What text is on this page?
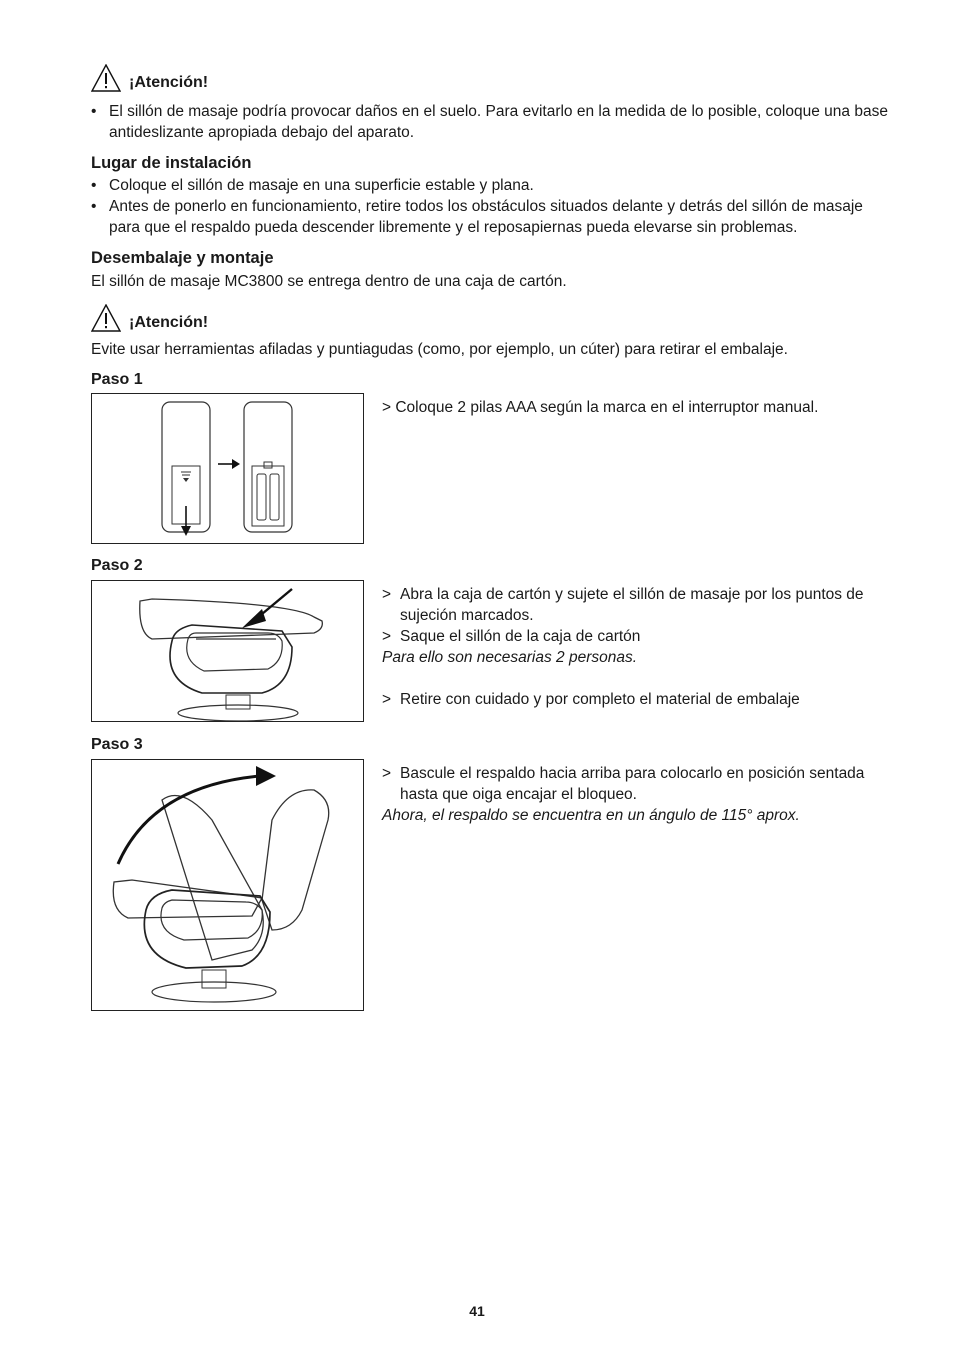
¡Atención!
• El sillón de masaje podría provocar daños en el suelo. Para evitarlo en la medida de lo posible, coloque una base antideslizante apropiada debajo del aparato.
Lugar de instalación
• Coloque el sillón de masaje en una superficie estable y plana.
• Antes de ponerlo en funcionamiento, retire todos los obstáculos situados delante y detrás del sillón de masaje para que el respaldo pueda descender libremente y el reposapiernas pueda elevarse sin problemas.
Desembalaje y montaje

El sillón de masaje MC3800 se entrega dentro de una caja de cartón.

¡Atención!

Evite usar herramientas afiladas y puntiagudas (como, por ejemplo, un cúter) para retirar el embalaje.

Paso 1
> Coloque 2 pilas AAA según la marca en el interruptor manual.
Paso 2
> Abra la caja de cartón y sujete el sillón de masaje por los puntos de sujeción marcados.
> Saque el sillón de la caja de cartón
Para ello son necesarias 2 personas.
> Retire con cuidado y por completo el material de embalaje
Paso 3
> Bascule el respaldo hacia arriba para colocarlo en posición sentada hasta que oiga encajar el bloqueo.
Ahora, el respaldo se encuentra en un ángulo de 115° aprox.
41
